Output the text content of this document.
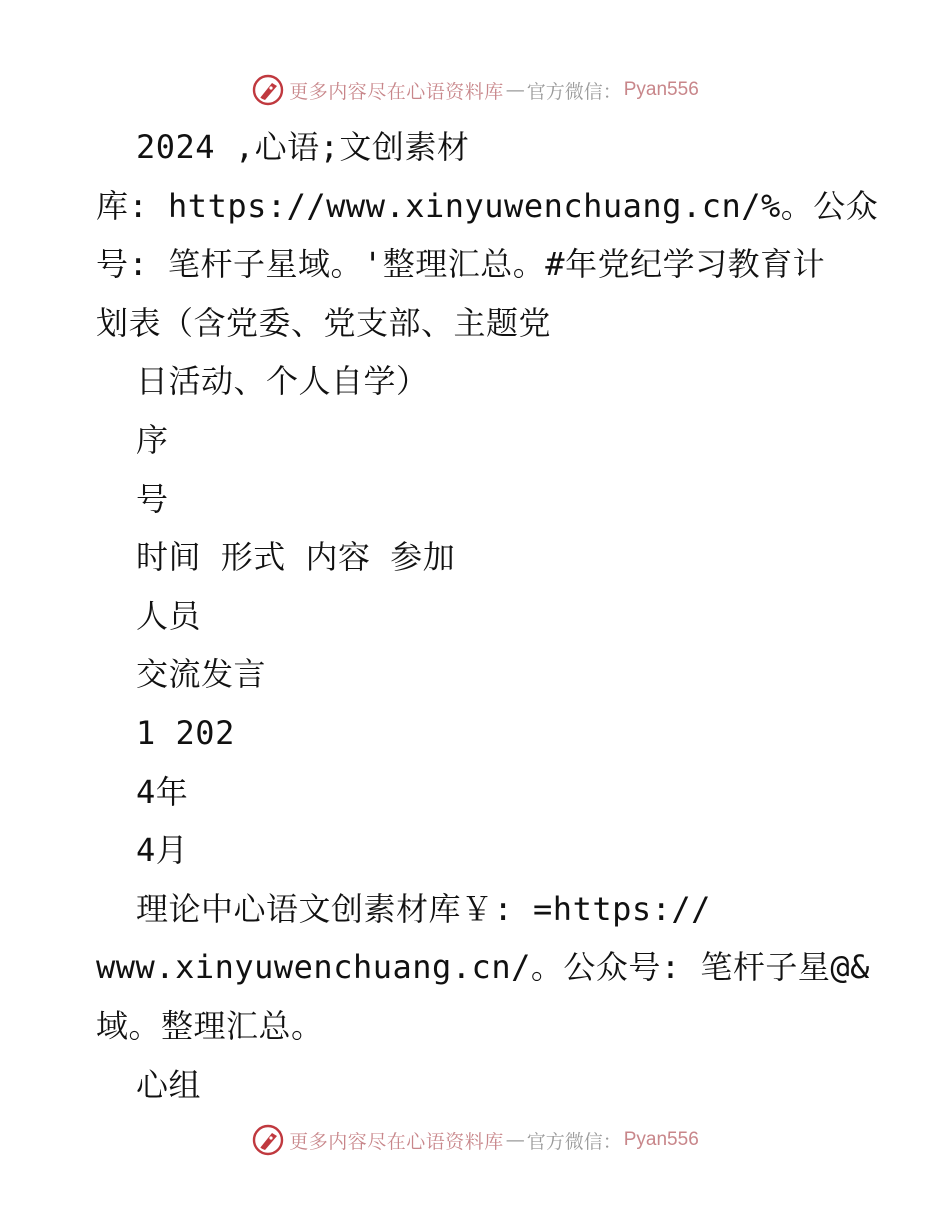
更多内容尽在心语资料库 — 官方微信： Pyan556
2024 ,心语;文创素材
库: https://www.xinyuwenchuang.cn/%。公众
号: 笔杆子星域。'整理汇总。#年党纪学习教育计
划表（含党委、党支部、主题党
日活动、个人自学）
序
号
时间 形式 内容 参加
人员
交流发言
1 202
4年
4月
理论中心语文创素材库￥: =https://
www.xinyuwenchuang.cn/。公众号: 笔杆子星@&
域。整理汇总。
心组
更多内容尽在心语资料库 — 官方微信： Pyan556
